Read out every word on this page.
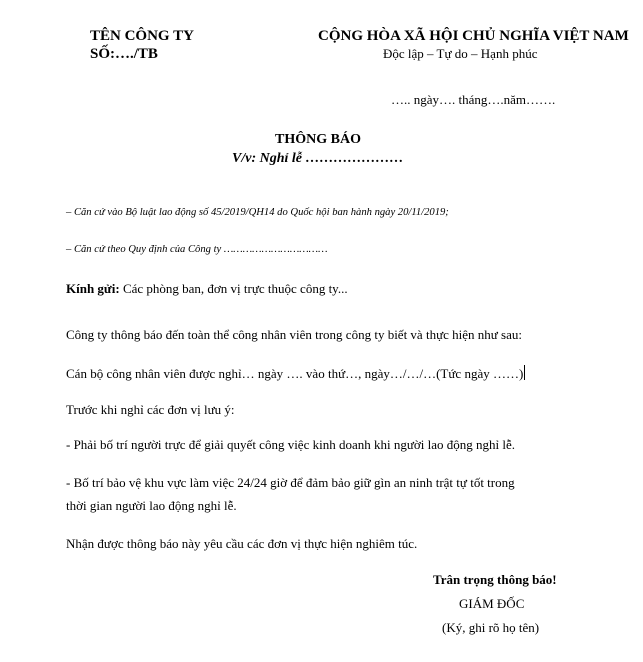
TÊN CÔNG TY
SỐ:…./TB
CỘNG HÒA XÃ HỘI CHỦ NGHĨA VIỆT NAM
Độc lập – Tự do – Hạnh phúc
….. ngày…. tháng….năm…….
THÔNG BÁO
V/v: Nghỉ lễ …………………
– Căn cứ vào Bộ luật lao động số 45/2019/QH14 do Quốc hội ban hành ngày 20/11/2019;
– Căn cứ theo Quy định của Công ty ……………………………
Kính gửi: Các phòng ban, đơn vị trực thuộc công ty...
Công ty thông báo đến toàn thể công nhân viên trong công ty biết và thực hiện như sau:
Cán bộ công nhân viên được nghỉ… ngày …. vào thứ…, ngày…/…/…(Tức ngày ……)
Trước khi nghỉ các đơn vị lưu ý:
- Phải bố trí người trực để giải quyết công việc kinh doanh khi người lao động nghỉ lễ.
- Bố trí bảo vệ khu vực làm việc 24/24 giờ để đảm bảo giữ gìn an ninh trật tự tốt trong
thời gian người lao động nghỉ lễ.
Nhận được thông báo này yêu cầu các đơn vị thực hiện nghiêm túc.
Trân trọng thông báo!
GIÁM ĐỐC
(Ký, ghi rõ họ tên)
